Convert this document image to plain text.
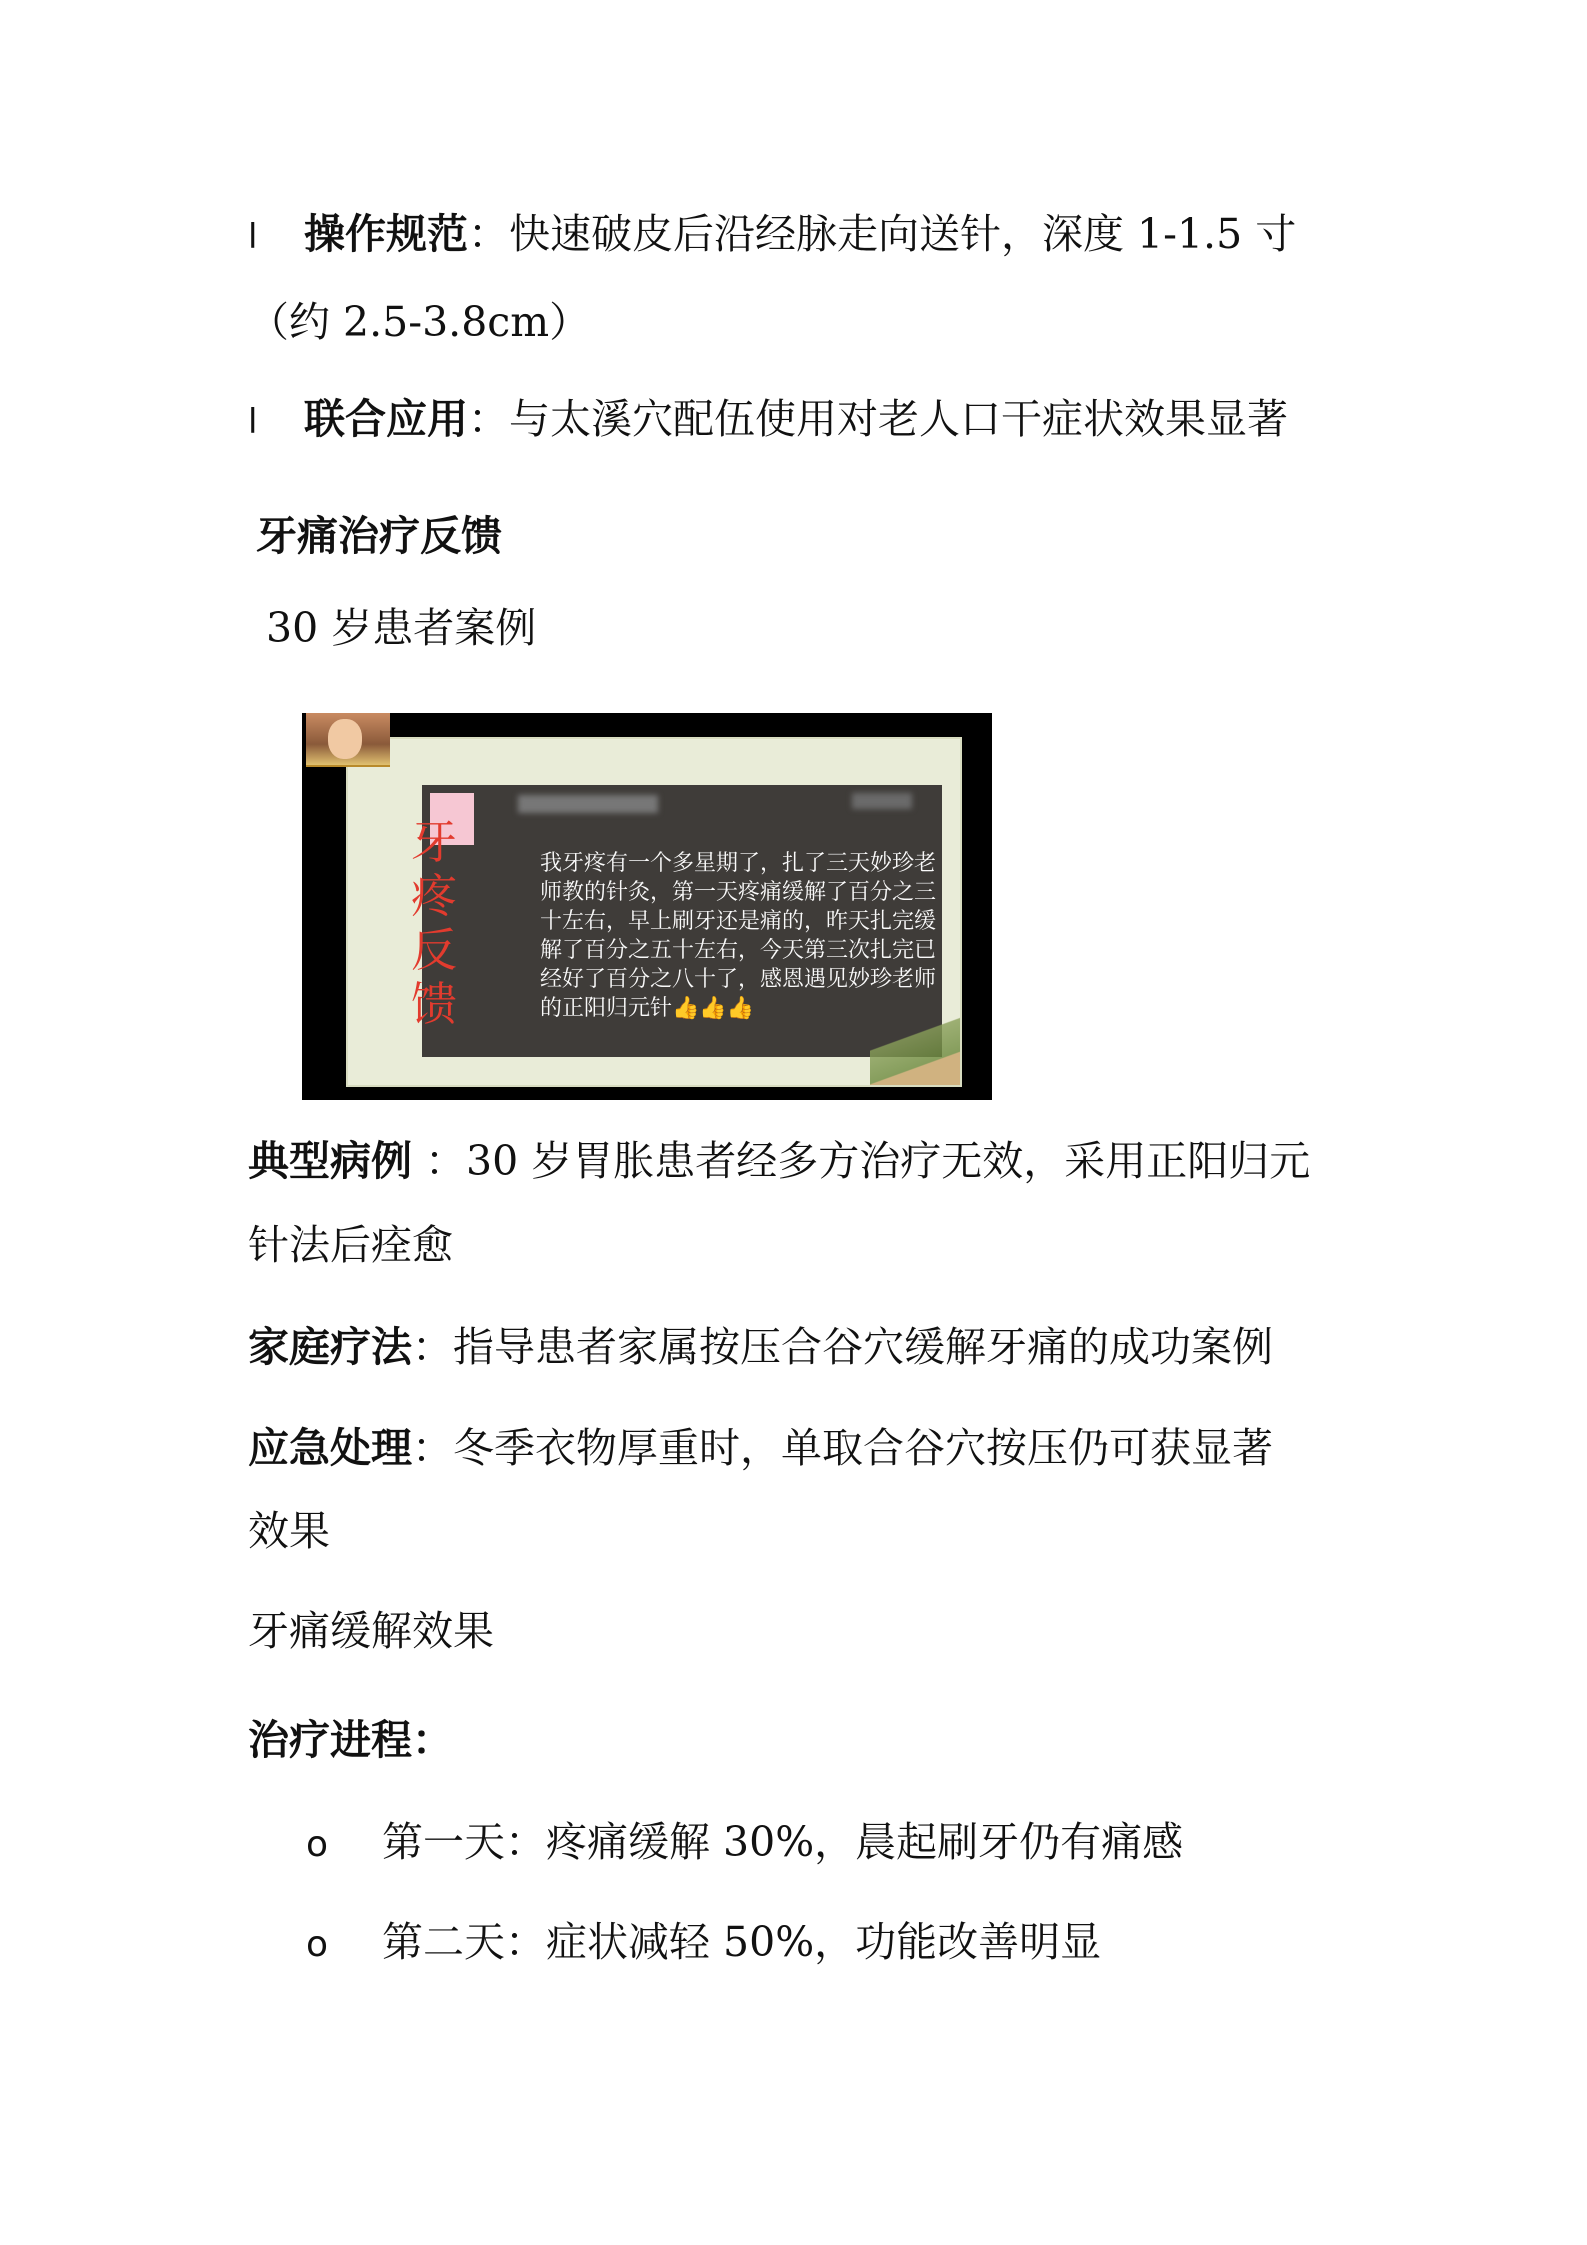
l 操作规范：快速破皮后沿经脉走向送针，深度 1-1.5 寸
（约 2.5-3.8cm）
l 联合应用：与太溪穴配伍使用对老人口干症状效果显著
牙痛治疗反馈
30 岁患者案例
我牙疼有一个多星期了，扎了三天妙珍老师教的针灸，第一天疼痛缓解了百分之三十左右，早上刷牙还是痛的，昨天扎完缓解了百分之五十左右，今天第三次扎完已经好了百分之八十了，感恩遇见妙珍老师的正阳归元针👍👍👍
牙疼反馈
典型病例 ：30 岁胃胀患者经多方治疗无效，采用正阳归元
针法后痊愈
家庭疗法：指导患者家属按压合谷穴缓解牙痛的成功案例
应急处理：冬季衣物厚重时，单取合谷穴按压仍可获显著
效果
牙痛缓解效果
治疗进程：
o 第一天：疼痛缓解 30%，晨起刷牙仍有痛感
o 第二天：症状减轻 50%，功能改善明显
